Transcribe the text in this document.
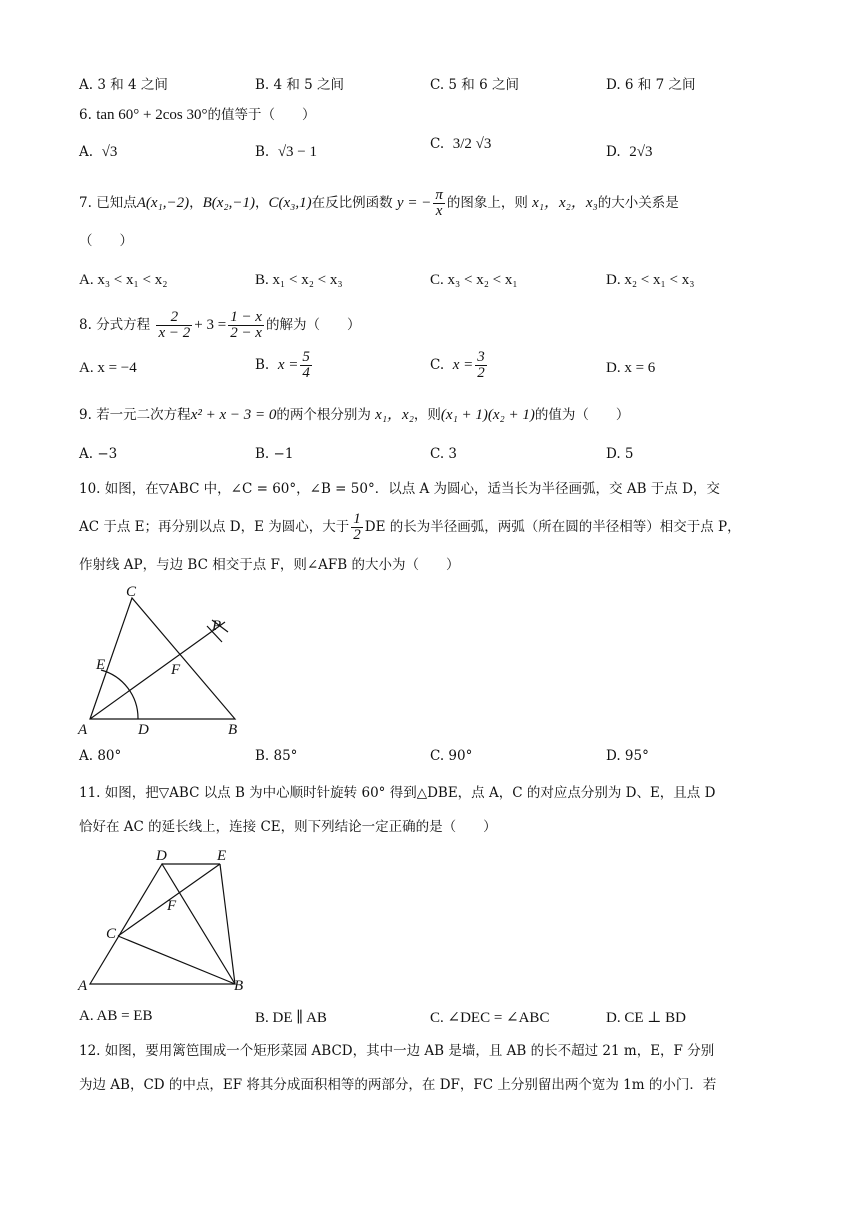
A. 3 和 4 之间	B. 4 和 5 之间	C. 5 和 6 之间	D. 6 和 7 之间
6. tan 60° + 2cos 30°的值等于（　　）
A. √3	B. √3 − 1	C. 3/2 √3	D. 2√3
7. 已知点A(x₁,−2)，B(x₂,−1)，C(x₃,1)在反比例函数 y = − $\frac{\pi}{x}$ 的图象上，则 x₁，x₂，x₃的大小关系是
（　　）
A. x₃ < x₁ < x₂	B. x₁ < x₂ < x₃	C. x₃ < x₂ < x₁	D. x₂ < x₁ < x₃
8. 分式方程 $\frac{2}{x - 2} + 3 = \frac{1 - x}{2 - x}$ 的解为（　　）
A. x = −4	B. $x = \frac{5}{4}$	C. $x = \frac{3}{2}$	D. x = 6
9. 若一元二次方程x² + x − 3 = 0的两个根分别为 x₁，x₂，则(x₁ + 1)(x₂ + 1)的值为（　　）
A. −3	B. −1	C. 3	D. 5
10. 如图，在▽ABC 中，∠C = 60°，∠B = 50°．以点 A 为圆心，适当长为半径画弧，交 AB 于点 D，交
AC 于点 E；再分别以点 D，E 为圆心，大于 $\frac{1}{2}$ DE 的长为半径画弧，两弧（所在圆的半径相等）相交于点 P，
作射线 AP，与边 BC 相交于点 F，则∠AFB 的大小为（　　）
C
P
E	F
A	D	B
A. 80°	B. 85°	C. 90°	D. 95°
11. 如图，把▽ABC 以点 B 为中心顺时针旋转 60° 得到△DBE，点 A，C 的对应点分别为 D、E，且点 D
恰好在 AC 的延长线上，连接 CE，则下列结论一定正确的是（　　）
D	E
F
C
A	B
A. AB = EB	B. DE ∥ AB	C. ∠DEC = ∠ABC	D. CE ⊥ BD
12. 如图，要用篱笆围成一个矩形菜园 ABCD，其中一边 AB 是墙，且 AB 的长不超过 21 m，E，F 分别
为边 AB，CD 的中点，EF 将其分成面积相等的两部分，在 DF，FC 上分别留出两个宽为 1m 的小门．若
